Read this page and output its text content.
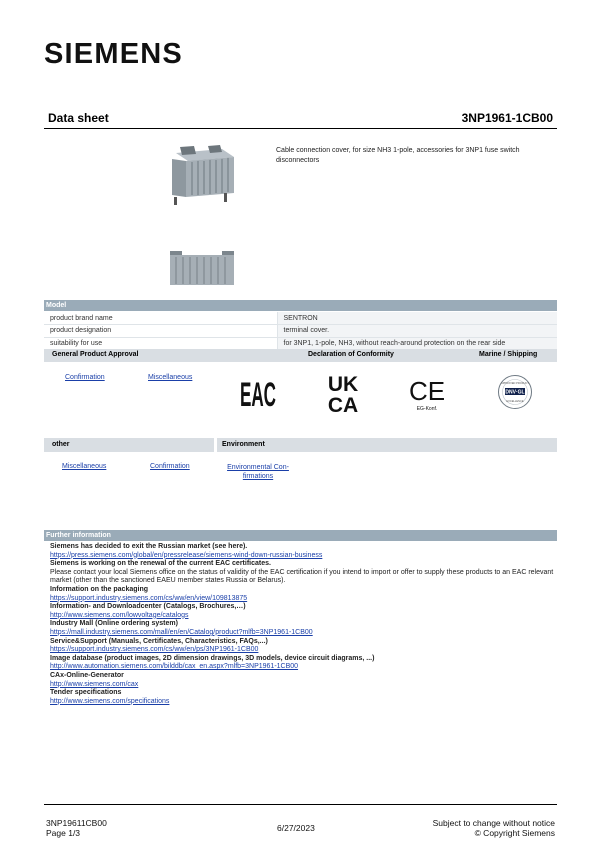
SIEMENS
Data sheet	3NP1961-1CB00
Cable connection cover, for size NH3 1-pole, accessories for 3NP1 fuse switch disconnectors
Model
product brand name	SENTRON
product designation	terminal cover.
suitability for use	for 3NP1, 1-pole, NH3, without reach-around protection on the rear side
General Product Approval	Declaration of Conformity	Marine / Shipping
Confirmation	Miscellaneous EAC UK
CA CE
EG-Konf.
APPROVED PRODUCT
DNV·GL
EXCELLENCE
other	Environment
Miscellaneous	Confirmation	Environmental Con-
firmations
Further information
Siemens has decided to exit the Russian market (see here).
https://press.siemens.com/global/en/pressrelease/siemens-wind-down-russian-business
Siemens is working on the renewal of the current EAC certificates.
Please contact your local Siemens office on the status of validity of the EAC certification if you intend to import or offer to supply these products to an EAC relevant market (other than the sanctioned EAEU member states Russia or Belarus).
Information on the packaging
https://support.industry.siemens.com/cs/ww/en/view/109813875
Information- and Downloadcenter (Catalogs, Brochures,…)
http://www.siemens.com/lowvoltage/catalogs
Industry Mall (Online ordering system)
https://mall.industry.siemens.com/mall/en/en/Catalog/product?mlfb=3NP1961-1CB00
Service&Support (Manuals, Certificates, Characteristics, FAQs,...)
https://support.industry.siemens.com/cs/ww/en/ps/3NP1961-1CB00
Image database (product images, 2D dimension drawings, 3D models, device circuit diagrams, ...)
http://www.automation.siemens.com/bilddb/cax_en.aspx?mlfb=3NP1961-1CB00
CAx-Online-Generator
http://www.siemens.com/cax
Tender specifications
http://www.siemens.com/specifications
3NP19611CB00
Page 1/3	6/27/2023	Subject to change without notice
© Copyright Siemens
